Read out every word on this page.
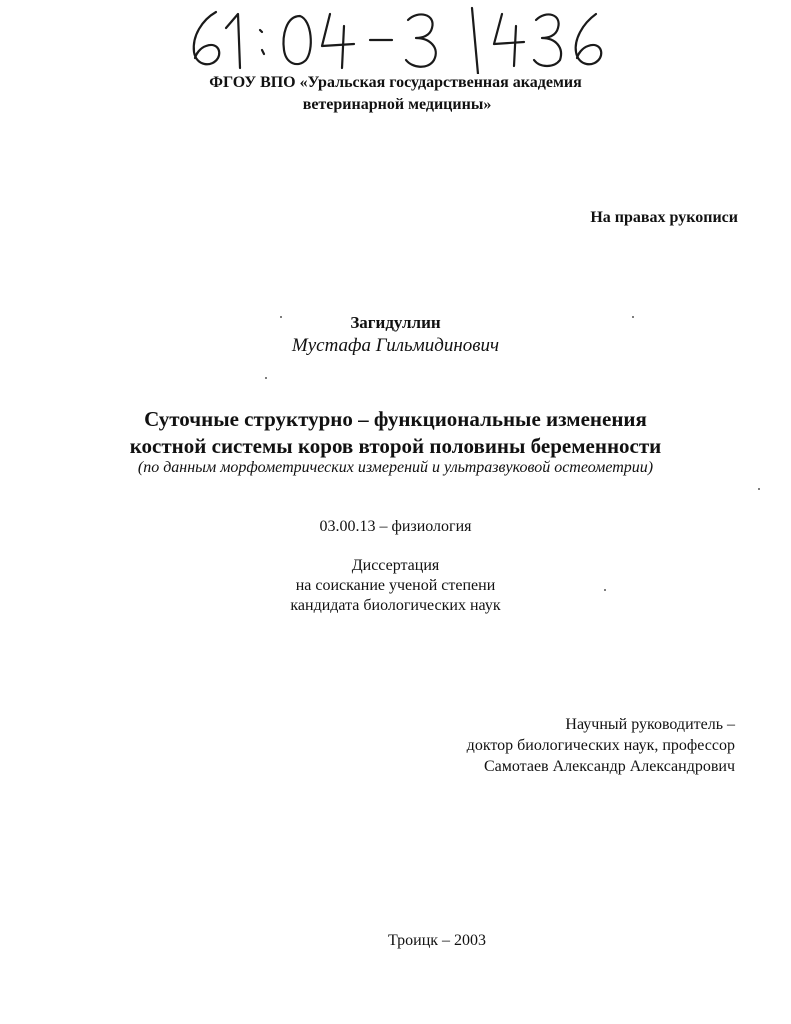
ФГОУ ВПО «Уральская государственная академия
ветеринарной медицины»
На правах рукописи
Загидуллин
Мустафа Гильмидинович
Суточные структурно – функциональные изменения
костной системы коров второй половины беременности
(по данным морфометрических измерений и ультразвуковой остеометрии)
03.00.13 – физиология
Диссертация
на соискание ученой степени
кандидата биологических наук
Научный руководитель –
доктор биологических наук, профессор
Самотаев Александр Александрович
Троицк – 2003
